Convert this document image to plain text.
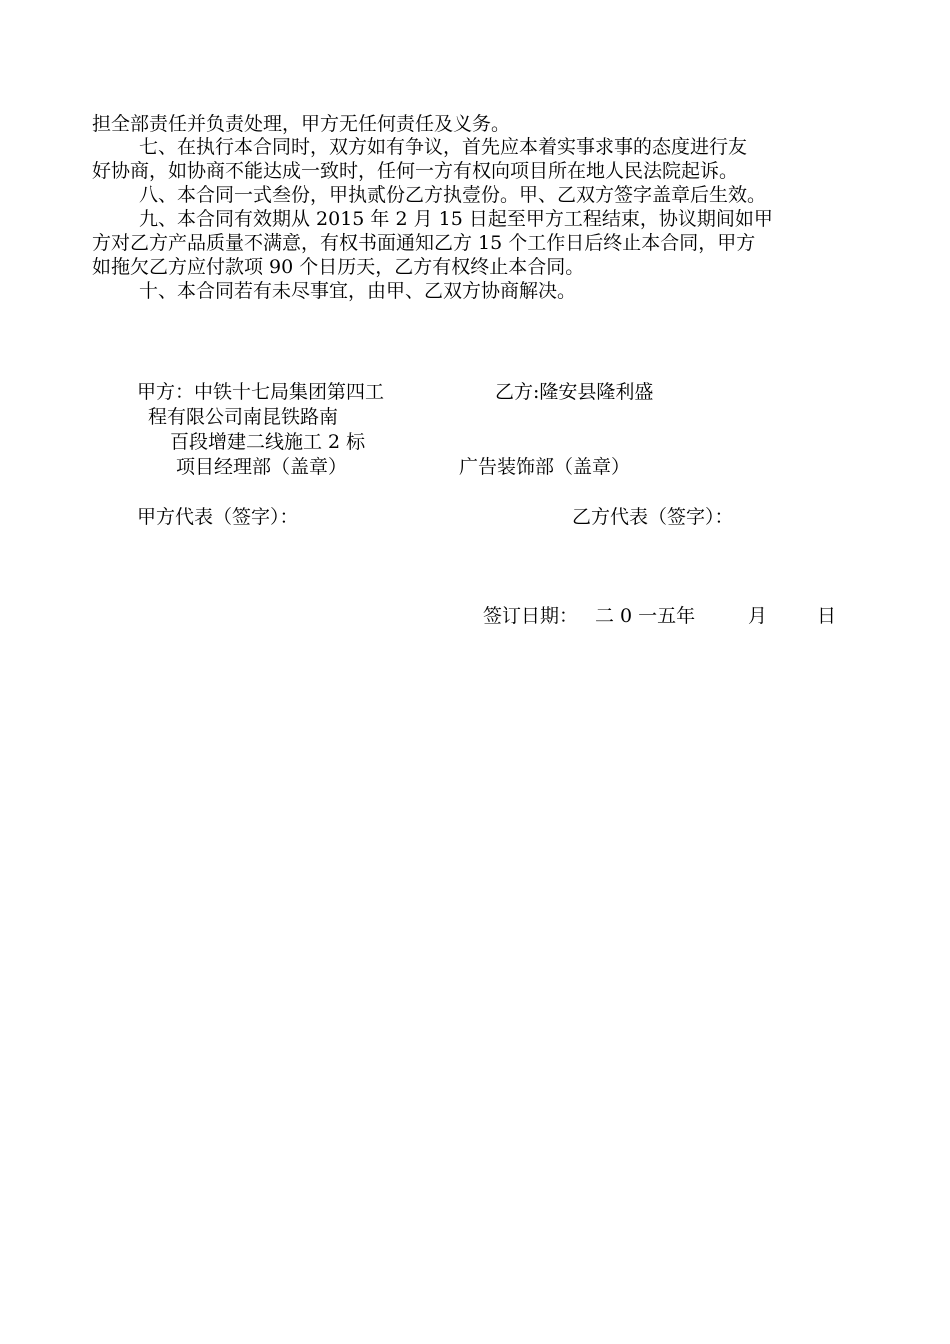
担全部责任并负责处理，甲方无任何责任及义务。
七、在执行本合同时，双方如有争议，首先应本着实事求事的态度进行友
好协商，如协商不能达成一致时，任何一方有权向项目所在地人民法院起诉。
八、本合同一式叁份，甲执贰份乙方执壹份。甲、乙双方签字盖章后生效。
九、本合同有效期从 2015 年 2 月 15 日起至甲方工程结束，协议期间如甲
方对乙方产品质量不满意，有权书面通知乙方 15 个工作日后终止本合同，甲方
如拖欠乙方应付款项 90 个日历天，乙方有权终止本合同。
十、本合同若有未尽事宜，由甲、乙双方协商解决。
甲方：中铁十七局集团第四工
程有限公司南昆铁路南
百段增建二线施工 2 标
项目经理部（盖章）
乙方:隆安县隆利盛
广告装饰部（盖章）
甲方代表（签字）：	乙方代表（签字）：
签订日期： 二 0 一五年	月	日
